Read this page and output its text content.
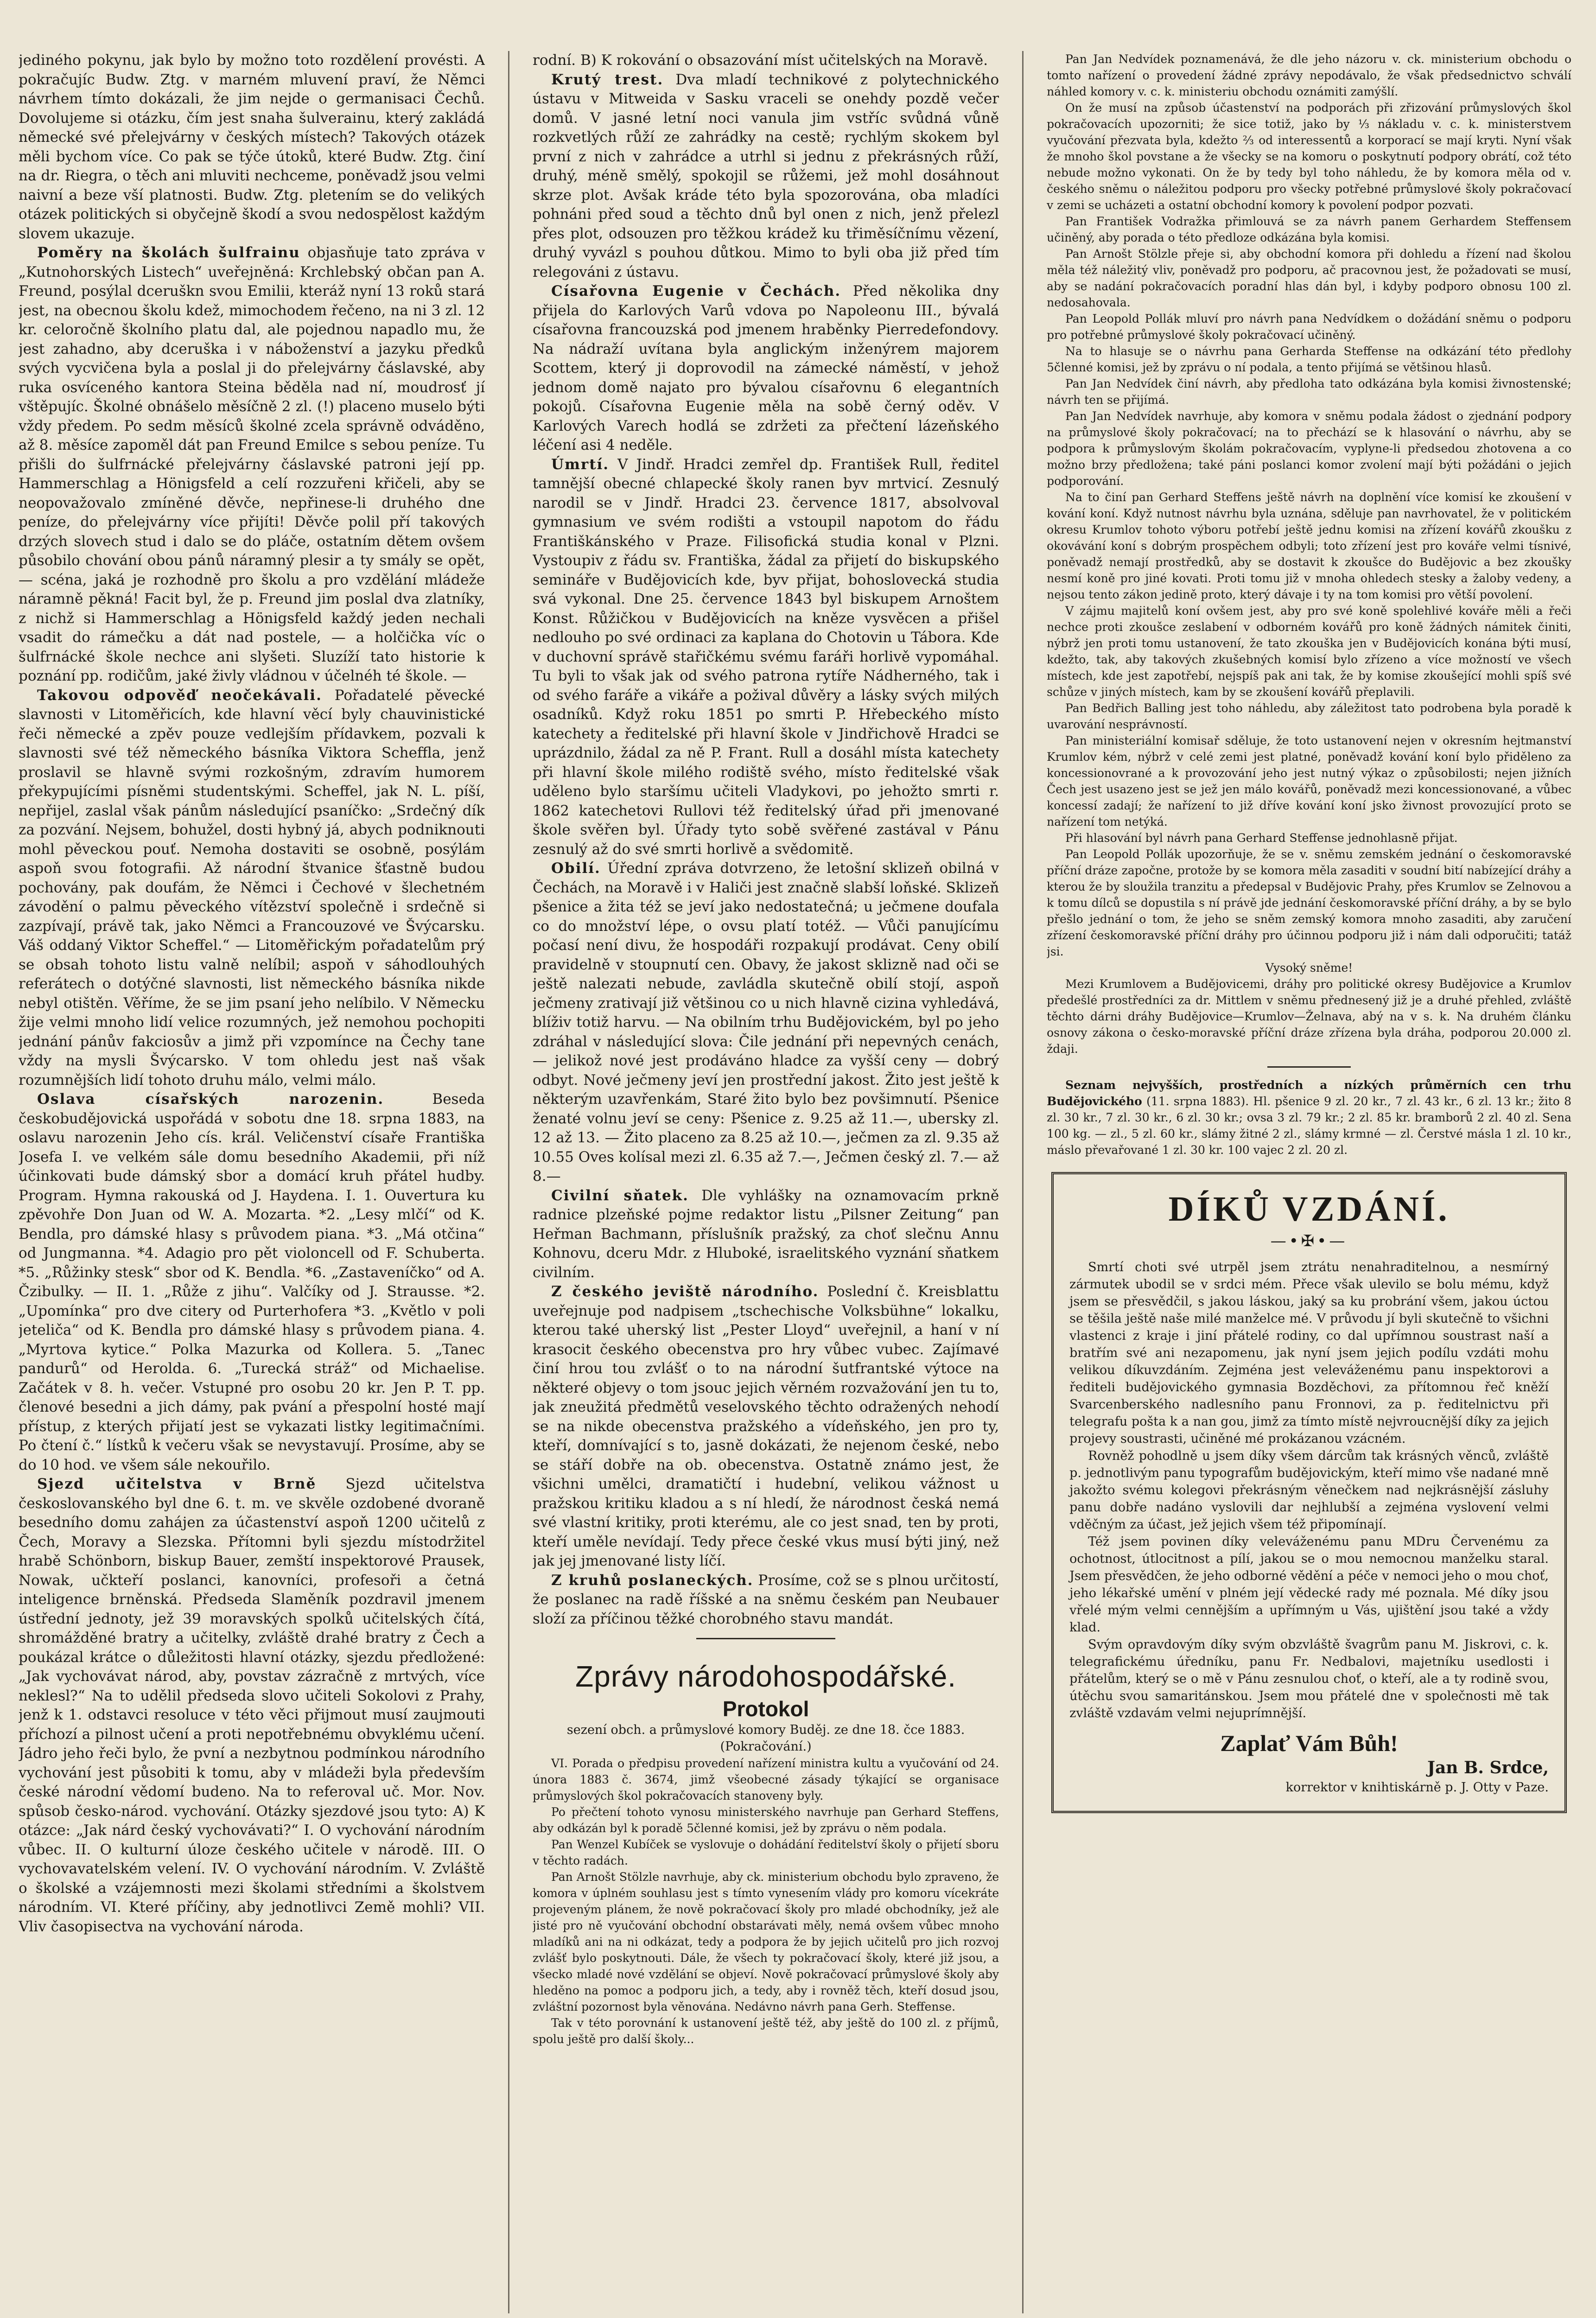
jediného pokynu, jak bylo by možno toto rozdělení provésti. A pokračujíc Budw. Ztg. v marném mluvení praví, že Němci návrhem tímto dokázali, že jim nejde o germanisaci Čechů. Dovolujeme si otázku, čím jest snaha šulverainu, který zakládá německé své přelejvárny v českých místech? Takových otázek měli bychom více. Co pak se týče útoků, které Budw. Ztg. činí na dr. Riegra, o těch ani mluviti nechceme, poněvadž jsou velmi naivní a beze vší platnosti. Budw. Ztg. pletením se do velikých otázek politických si obyčejně škodí a svou nedospělost každým slovem ukazuje.

Poměry na školách šulfrainu objasňuje tato zpráva v „Kutnohorských Listech“ uveřejněná: Krchlebský občan pan A. Freund, posýlal dceruškn svou Emilii, kteráž nyní 13 roků stará jest, na obecnou školu kdež, mimochodem řečeno, na ni 3 zl. 12 kr. celoročně školního platu dal, ale pojednou napadlo mu, že jest zahadno, aby dceruška i v náboženství a jazyku předků svých vycvičena byla a poslal ji do přelejvárny čáslavské, aby ruka osvíceného kantora Steina běděla nad ní, moudrosť jí vštěpujíc. Školné obnášelo měsíčně 2 zl. (!) placeno muselo býti vždy předem. Po sedm měsíců školné zcela správně odváděno, až 8. měsíce zapoměl dát pan Freund Emilce s sebou peníze. Tu přišli do šulfrnácké přelejvárny čáslavské patroni její pp. Hammerschlag a Hönigsfeld a celí rozzuřeni křičeli, aby se neopovažovalo zmíněné děvče, nepřinese-li druhého dne peníze, do přelejvárny více přijíti! Děvče polil pří takových drzých slovech stud i dalo se do pláče, ostatním dětem ovšem působilo chování obou pánů náramný plesir a ty smály se opět, — scéna, jaká je rozhodně pro školu a pro vzdělání mládeže náramně pěkná! Facit byl, že p. Freund jim poslal dva zlatníky, z nichž si Hammerschlag a Hönigsfeld každý jeden nechali vsadit do rámečku a dát nad postele, — a holčička víc o šulfrnácké škole nechce ani slyšeti. Sluzíží tato historie k poznání pp. rodičům, jaké živly vládnou v účelnéh té škole. —

Takovou odpověď neočekávali. Pořadatelé pěvecké slavnosti v Litoměřicích, kde hlavní věcí byly chauvinistické řeči německé a zpěv pouze vedlejším přídavkem, pozvali k slavnosti své též německého básníka Viktora Scheffla, jenž proslavil se hlavně svými rozkošným, zdravím humorem překypujícími písněmi studentskými. Scheffel, jak N. L. píší, nepřijel, zaslal však pánům následující psaníčko: „Srdečný dík za pozvání. Nejsem, bohužel, dosti hybný já, abych podniknouti mohl pěveckou pouť. Nemoha dostaviti se osobně, posýlám aspoň svou fotografii. Až národní štvanice šťastně budou pochovány, pak doufám, že Němci i Čechové v šlechetném závodění o palmu pěveckého vítězství společně i srdečně si zazpívají, právě tak, jako Němci a Francouzové ve Švýcarsku. Váš oddaný Viktor Scheffel.“ — Litoměřickým pořadatelům prý se obsah tohoto listu valně nelíbil; aspoň v sáhodlouhých referátech o dotýčné slavnosti, list německého básníka nikde nebyl otištěn. Věříme, že se jim psaní jeho nelíbilo. V Německu žije velmi mnoho lidí velice rozumných, jež nemohou pochopiti jednání pánův fakciosův a jimž při vzpomínce na Čechy tane vždy na mysli Švýcarsko. V tom ohledu jest naš však rozumnějších lidí tohoto druhu málo, velmi málo.

Oslava císařských narozenin.	Beseda českobudějovická uspořádá v sobotu dne 18. srpna 1883, na oslavu narozenin Jeho cís. král. Veličenství císaře Františka Josefa I. ve velkém sále domu besedního Akademii, při níž účinkovati bude dámský sbor a domácí kruh přátel hudby. Program. Hymna rakouská od J. Haydena. I. 1. Ouvertura ku zpěvohře Don Juan od W. A. Mozarta. *2. „Lesy mlčí“ od K. Bendla, pro dámské hlasy s průvodem piana. *3. „Má otčina“ od Jungmanna. *4. Adagio pro pět violoncell od F. Schuberta. *5. „Růžinky stesk“ sbor od K. Bendla. *6. „Zastaveníčko“ od A. Čzibulky. — II. 1. „Růže z jihu“. Valčíky od J. Strausse. *2. „Upomínka“ pro dve citery od Purterhofera *3. „Květlo v poli jeteliča“ od K. Bendla pro dámské hlasy s průvodem piana. 4. „Myrtova kytice.“ Polka Mazurka od Kollera. 5. „Tanec pandurů“ od Herolda. 6. „Turecká stráž“ od Michaelise. Začátek v 8. h. večer. Vstupné pro osobu 20 kr. Jen P. T. pp. členové besedni a jich dámy, pak pvání a přespolní hosté mají přístup, z kterých přijatí jest se vykazati listky legitimačními. Po čtení č.“ lístků k večeru však se nevystavují. Prosíme, aby se do 10 hod. ve všem sále nekouřilo.

Sjezd učitelstva v Brně Sjezd učitelstva českoslovanského byl dne 6. t. m. ve skvěle ozdobené dvoraně besedního domu zahájen za účastenství aspoň 1200 učitelů z Čech, Moravy a Slezska. Přítomni byli sjezdu místodržitel hrabě Schönborn, biskup Bauer, zemští inspektorové Prausek, Nowak, učkteří poslanci, kanovníci, profesoři a četná inteligence brněnská. Předseda Slaměník pozdravil jmenem ústřední jednoty, jež 39 moravských spolků učitelských čítá, shromážděné bratry a učitelky, zvláště drahé bratry z Čech a poukázal krátce o důležitosti hlavní otázky, sjezdu předložené: „Jak vychovávat národ, aby, povstav zázračně z mrtvých, více neklesl?“ Na to udělil předseda slovo učiteli Sokolovi z Prahy, jenž k 1. odstavci resoluce v této věci přijmout musí zaujmouti příchozí a pilnost učení a proti nepotřebnému obvyklému učení. Jádro jeho řeči bylo, že pvní a nezbytnou podmínkou národního vychování jest působiti k tomu, aby v mládeži byla především české národní vědomí budeno. Na to referoval uč. Mor. Nov. spůsob česko-národ. vychování. Otázky sjezdové jsou tyto: A) K otázce: „Jak nárd český vychovávati?“ I. O vychování národním vůbec. II. O kulturní úloze českého učitele v národě. III. O vychovavatelském velení. IV. O vychování národním. V. Zvláště o školské a vzájemnosti mezi školami středními a školstvem národním. VI. Které příčiny, aby jednotlivci Země mohli? VII. Vliv časopisectva na vychování národa.

rodní. B) K rokování o obsazování míst učitelských na Moravě.

Krutý trest. Dva mladí technikové z polytechnického ústavu v Mitweida v Sasku vraceli se onehdy pozdě večer domů. V jasné letní noci vanula jim vstříc svůdná vůně rozkvetlých růží ze zahrádky na cestě; rychlým skokem byl první z nich v zahrádce a utrhl si jednu z překrásných růží, druhý, méně smělý, spokojil se růžemi, jež mohl dosáhnout skrze plot. Avšak kráde této byla spozorována, oba mladíci pohnáni před soud a těchto dnů byl onen z nich, jenž přelezl přes plot, odsouzen pro těžkou krádež ku třiměsíčnímu vězení, druhý vyvázl s pouhou důtkou. Mimo to byli oba již před tím relegováni z ústavu.

Císařovna Eugenie v Čechách. Před několika dny přijela do Karlových Varů vdova po Napoleonu III., bývalá císařovna francouzská pod jmenem hraběnky Pierredefondovy. Na nádraží uvítana byla anglickým inženýrem majorem Scottem, který ji doprovodil na zámecké náměstí, v jehož jednom domě najato pro bývalou císařovnu 6 elegantních pokojů. Císařovna Eugenie měla na sobě černý oděv. V Karlových Varech hodlá se zdržeti za přečtení lázeňského léčení asi 4 neděle.

Úmrtí. V Jindř. Hradci zemřel dp. František Rull, ředitel tamnější obecné chlapecké školy ranen byv mrtvicí. Zesnulý narodil se v Jindř. Hradci 23. července 1817, absolvoval gymnasium ve svém rodišti a vstoupil napotom do řádu Františkánského v Praze. Filisofická studia konal v Plzni. Vystoupiv z řádu sv. Františka, žádal za přijetí do biskupského semináře v Budějovicích kde, byv přijat, bohoslovecká studia svá vykonal. Dne 25. července 1843 byl biskupem Arnoštem Konst. Růžičkou v Budějovicích na kněze vysvěcen a přišel nedlouho po své ordinaci za kaplana do Chotovin u Tábora. Kde v duchovní správě stařičkému svému faráři horlivě vypomáhal. Tu byli to však jak od svého patrona rytíře Nádherného, tak i od svého faráře a vikáře a požival důvěry a lásky svých milých osadníků. Když roku 1851 po smrti P. Hřebeckého místo katechety a ředitelské při hlavní škole v Jindřichově Hradci se uprázdnilo, žádal za ně P. Frant. Rull a dosáhl místa katechety při hlavní škole milého rodiště svého, místo ředitelské však uděleno bylo staršímu učiteli Vladykovi, po jehožto smrti r. 1862 katechetovi Rullovi též ředitelský úřad při jmenované škole svěřen byl. Úřady tyto sobě svěřené zastával v Pánu zesnulý až do své smrti horlivě a svědomitě.

Obilí. Úřední zpráva dotvrzeno, že letošní sklizeň obilná v Čechách, na Moravě i v Haliči jest značně slabší loňské. Sklizeň pšenice a žita též se jeví jako nedostatečná; u ječmene doufala co do množství lépe, o ovsu platí totéž. — Vůči panujícímu počasí není divu, že hospodáři rozpakují prodávat. Ceny obilí pravidelně v stoupnutí cen. Obavy, že jakost sklizně nad oči se ještě nalezati nebude, zavládla skutečně obilí stojí, aspoň ječmeny zrativají již většinou co u nich hlavně cizina vyhledává, blíživ totiž harvu. — Na obilním trhu Budějovickém, byl po jeho zdráhal v následující slova: Čile jednání při nepevných cenách, — jelikož nové jest prodáváno hladce za vyšší ceny — dobrý odbyt. Nové ječmeny jeví jen prostřední jakost. Žito jest ještě k některým uzavřenkám, Staré žito bylo bez povšimnutí. Pšenice ženaté volnu jeví se ceny: Pšenice z. 9.25 až 11.—, ubersky zl. 12 až 13. — Žito placeno za 8.25 až 10.—, ječmen za zl. 9.35 až 10.55 Oves kolísal mezi zl. 6.35 až 7.—, Ječmen český zl. 7.— až 8.—

Civilní sňatek. Dle vyhlášky na oznamovacím prkně radnice plzeňské pojme redaktor listu „Pilsner Zeitung“ pan Heřman Bachmann, příslušník pražský, za choť slečnu Annu Kohnovu, dceru Mdr. z Hluboké, israelitského vyznání sňatkem civilním.

Z českého jeviště národního. Poslední č. Kreisblattu uveřejnuje pod nadpisem „tschechische Volksbühne“ lokalku, kterou také uherský list „Pester Lloyd“ uveřejnil, a haní v ní krasocit českého obecenstva pro hry vůbec vubec. Zajímavé činí hrou tou zvlášť o to na národní šutfrantské výtoce na některé objevy o tom jsouc jejich věrném rozvažování jen tu to, jak zneužitá předmětů veselovského těchto odražených nehodí se na nikde obecenstva pražského a vídeňského, jen pro ty, kteří, domnívající s to, jasně dokázati, že nejenom české, nebo se stáří dobře na ob. obecenstva. Ostatně známo jest, že všichni umělci, dramatičtí i hudební, velikou vážnost u pražskou kritiku kladou a s ní hledí, že národnost česká nemá své vlastní kritiky, proti kterému, ale co jest snad, ten by proti, kteří uměle nevídají. Tedy přece české vkus musí býti jiný, než jak jej jmenované listy líčí.

Z kruhů poslaneckých. Prosíme, což se s plnou určitostí, že poslanec na radě říšské a na sněmu českém pan Neubauer složí za příčinou těžké chorobného stavu mandát.

Zprávy národohospodářské.
Protokol
sezení obch. a průmyslové komory Buděj. ze dne 18. čce 1883.
(Pokračování.)

VI. Porada o předpisu provedení nařízení ministra kultu a vyučování od 24. února 1883 č. 3674, jimž všeobecné zásady týkající se organisace průmyslových škol pokračovacích stanoveny byly.

Po přečtení tohoto vynosu ministerského navrhuje pan Gerhard Steffens, aby odkázán byl k poradě 5členné komisi, jež by zprávu o něm podala.

Pan Wenzel Kubíček se vyslovuje o dohádání ředitelství školy o přijetí sboru v těchto radách.

Pan Arnošt Stölzle navrhuje, aby ck. ministerium obchodu bylo zpraveno, že komora v úplném souhlasu jest s tímto vynesením vlády pro komoru vícekráte projeveným plánem, že nově pokračovací školy pro mladé obchodníky, jež ale jisté pro ně vyučování obchodní obstarávati měly, nemá ovšem vůbec mnoho mladíků ani na ni odkázat, tedy a podpora že by jejich učitelů pro jich rozvoj zvlášť bylo poskytnouti. Dále, že všech ty pokračovací školy, které již jsou, a všecko mladé nové vzdělání se objeví. Nově pokračovací průmyslové školy aby hleděno na pomoc a podporu jich, a tedy, aby i rovněž těch, kteří dosud jsou, zvláštní pozornost byla věnována. Nedávno návrh pana Gerh. Steffense.

Tak v této porovnání k ustanovení ještě též, aby ještě do 100 zl. z příjmů, spolu ještě pro další školy...

Pan Jan Nedvídek poznamenává, že dle jeho názoru v. ck. ministerium obchodu o tomto nařízení o provedení žádné zprávy nepodávalo, že však předsednictvo schválí náhled komory v. c. k. ministeriu obchodu oznámiti zamýšlí.

On že musí na způsob účastenství na podporách při zřizování průmyslových škol pokračovacích upozorniti; že sice totiž, jako by ⅓ nákladu v. c. k. ministerstvem vyučování přezvata byla, kdežto ⅔ od interessentů a korporací se mají kryti. Nyní však že mnoho škol povstane a že všecky se na komoru o poskytnutí podpory obrátí, což této nebude možno vykonati. On že by tedy byl toho náhledu, že by komora měla od v. českého sněmu o náležitou podporu pro všecky potřebné průmyslové školy pokračovací v zemi se ucházeti a ostatní obchodní komory k povolení podpor pozvati.

Pan František Vodražka přimlouvá se za návrh panem Gerhardem Steffensem učiněný, aby porada o této předloze odkázána byla komisi.

Pan Arnošt Stölzle přeje si, aby obchodní komora při dohledu a řízení nad školou měla též náležitý vliv, poněvadž pro podporu, ač pracovnou jest, že požadovati se musí, aby se nadání pokračovacích poradní hlas dán byl, i kdyby podporo obnosu 100 zl. nedosahovala.

Pan Leopold Pollák mluví pro návrh pana Nedvídkem o dožádání sněmu o podporu pro potřebné průmyslové školy pokračovací učiněný.

Na to hlasuje se o návrhu pana Gerharda Steffense na odkázání této předlohy 5členné komisi, jež by zprávu o ní podala, a tento přijímá se většinou hlasů.

Pan Jan Nedvídek činí návrh, aby předloha tato odkázána byla komisi živnostenské; návrh ten se přijímá.

Pan Jan Nedvídek navrhuje, aby komora v sněmu podala žádost o zjednání podpory na průmyslové školy pokračovací; na to přechází se k hlasování o návrhu, aby se podpora k průmyslovým školám pokračovacím, vyplyne-li předsedou zhotovena a co možno brzy předložena; také páni poslanci komor zvolení mají býti požádáni o jejich podporování.

Na to činí pan Gerhard Steffens ještě návrh na doplnění více komisí ke zkoušení v kování koní. Když nutnost návrhu byla uznána, sděluje pan navrhovatel, že v politickém okresu Krumlov tohoto výboru potřebí ještě jednu komisi na zřízení kovářů zkoušku z okovávání koní s dobrým prospěchem odbyli; toto zřízení jest pro kováře velmi tísnivé, poněvadž nemají prostředků, aby se dostavit k zkoušce do Budějovic a bez zkoušky nesmí koně pro jiné kovati. Proti tomu již v mnoha ohledech stesky a žaloby vedeny, a nejsou tento zákon jedině proto, který dávaje i ty na tom komisi pro větší povolení.

V zájmu majitelů koní ovšem jest, aby pro své koně spolehlivé kováře měli a řeči nechce proti zkoušce zeslabení v odborném kovářů pro koně žádných námitek činiti, nýbrž jen proti tomu ustanovení, že tato zkouška jen v Budějovicích konána býti musí, kdežto, tak, aby takových zkušebných komisí bylo zřízeno a více možností ve všech místech, kde jest zapotřebí, nejspíš pak ani tak, že by komise zkoušející mohli spíš své schůze v jiných místech, kam by se zkoušení kovářů přeplavili.

Pan Bedřich Balling jest toho náhledu, aby záležitost tato podrobena byla poradě k uvarování nesprávností.

Pan ministeriální komisař sděluje, že toto ustanovení nejen v okresním hejtmanství Krumlov kém, nýbrž v celé zemi jest platné, poněvadž kování koní bylo přiděleno za koncessionovrané a k provozování jeho jest nutný výkaz o způsobilosti; nejen jižních Čech jest usazeno jest se jež jen málo kovářů, poněvadž mezi koncessionované, a vůbec koncessí zadají; že nařízení to již dříve kování koní jsko živnost provozující proto se nařízení tom netýká.

Při hlasování byl návrh pana Gerhard Steffense jednohlasně přijat.

Pan Leopold Pollák upozorňuje, že se v. sněmu zemském jednání o českomoravské příční dráze započne, protože by se komora měla zasaditi v soudní bití nabízející dráhy a kterou že by sloužila tranzitu a předepsal v Budějovic Prahy, přes Krumlov se Zelnovou a k tomu dílců se dopustila s ní právě jde jednání českomoravské příční dráhy, a by se bylo přešlo jednání o tom, že jeho se sněm zemský komora mnoho zasaditi, aby zaručení zřízení českomoravské příční dráhy pro účinnou podporu již i nám dali odporučiti; tatáž jsi.

Vysoký sněme!

Mezi Krumlovem a Budějovicemi, dráhy pro politické okresy Budějovice a Krumlov předešlé prostředníci za dr. Mittlem v sněmu přednesený již je a druhé přehled, zvláště těchto dárni dráhy Budějovice—Krumlov—Želnava, abý na v s. k. Na druhém článku osnovy zákona o česko-moravské příční dráze zřízena byla dráha, podporou 20.000 zl. ždaji.

Seznam nejvyšších, prostředních a nízkých průměrních cen trhu Budějovického (11. srpna 1883). Hl. pšenice 9 zl. 20 kr., 7 zl. 43 kr., 6 zl. 13 kr.; žito 8 zl. 30 kr., 7 zl. 30 kr., 6 zl. 30 kr.; ovsa 3 zl. 79 kr.; 2 zl. 85 kr. bramborů 2 zl. 40 zl. Sena 100 kg. — zl., 5 zl. 60 kr., slámy žitné 2 zl., slámy krmné — zl. Čerstvé másla 1 zl. 10 kr., máslo převařované 1 zl. 30 kr. 100 vajec 2 zl. 20 zl.

DÍKŮ VZDÁNÍ.
—•✠•—

Smrtí choti své utrpěl jsem ztrátu nenahraditelnou, a nesmírný zármutek ubodil se v srdci mém. Přece však ulevilo se bolu mému, když jsem se přesvědčil, s jakou láskou, jaký sa ku probrání všem, jakou úctou se těšila ještě naše milé manželce mé. V průvodu jí byli skutečně to všichni vlastenci z kraje i jiní přátelé rodiny, co dal upřímnou soustrast naší a bratřím své ani nezapomenu, jak nyní jsem jejich podílu vzdáti mohu velikou díkuvzdáním. Zejména jest veleváženému panu inspektorovi a řediteli budějovického gymnasia Bozděchovi, za přítomnou řeč kněží Svarcenberského nadlesního panu Fronnovi, za p. ředitelnictvu při telegrafu pošta k a nan gou, jimž za tímto místě nejvroucnější díky za jejich projevy soustrasti, učiněné mé prokázanou vzácném.

Rovněž pohodlně u jsem díky všem dárcům tak krásných věnců, zvláště p. jednotlivým panu typografům budějovickým, kteří mimo vše nadané mně jakožto svému kolegovi překrásným věnečkem nad nejkrásnější zásluhy panu dobře nadáno vyslovili dar nejhlubší a zejména vyslovení velmi vděčným za účast, jež jejich všem též připomínají.

Též jsem povinen díky veleváženému panu MDru Červenému za ochotnost, útlocitnost a pílí, jakou se o mou nemocnou manželku staral. Jsem přesvědčen, že jeho odborné vědění a péče v nemoci jeho o mou choť, jeho lékařské umění v plném její vědecké rady mé poznala. Mé díky jsou vřelé mým velmi cennějším a upřímným u Vás, ujištění jsou také a vždy klad.

Svým opravdovým díky svým obzvláště švagrům panu M. Jiskrovi, c. k. telegrafickému úředníku, panu Fr. Nedbalovi, majetníku usedlosti i přátelům, který se o mě v Pánu zesnulou choť, o kteří, ale a ty rodině svou, útěchu svou samaritánskou. Jsem mou přátelé dne v společnosti mě tak zvláště vzdavám velmi nejuprímnější.

Zaplať Vám Bůh!
Jan B. Srdce,
korrektor v knihtiskárně p. J. Otty v Paze.
